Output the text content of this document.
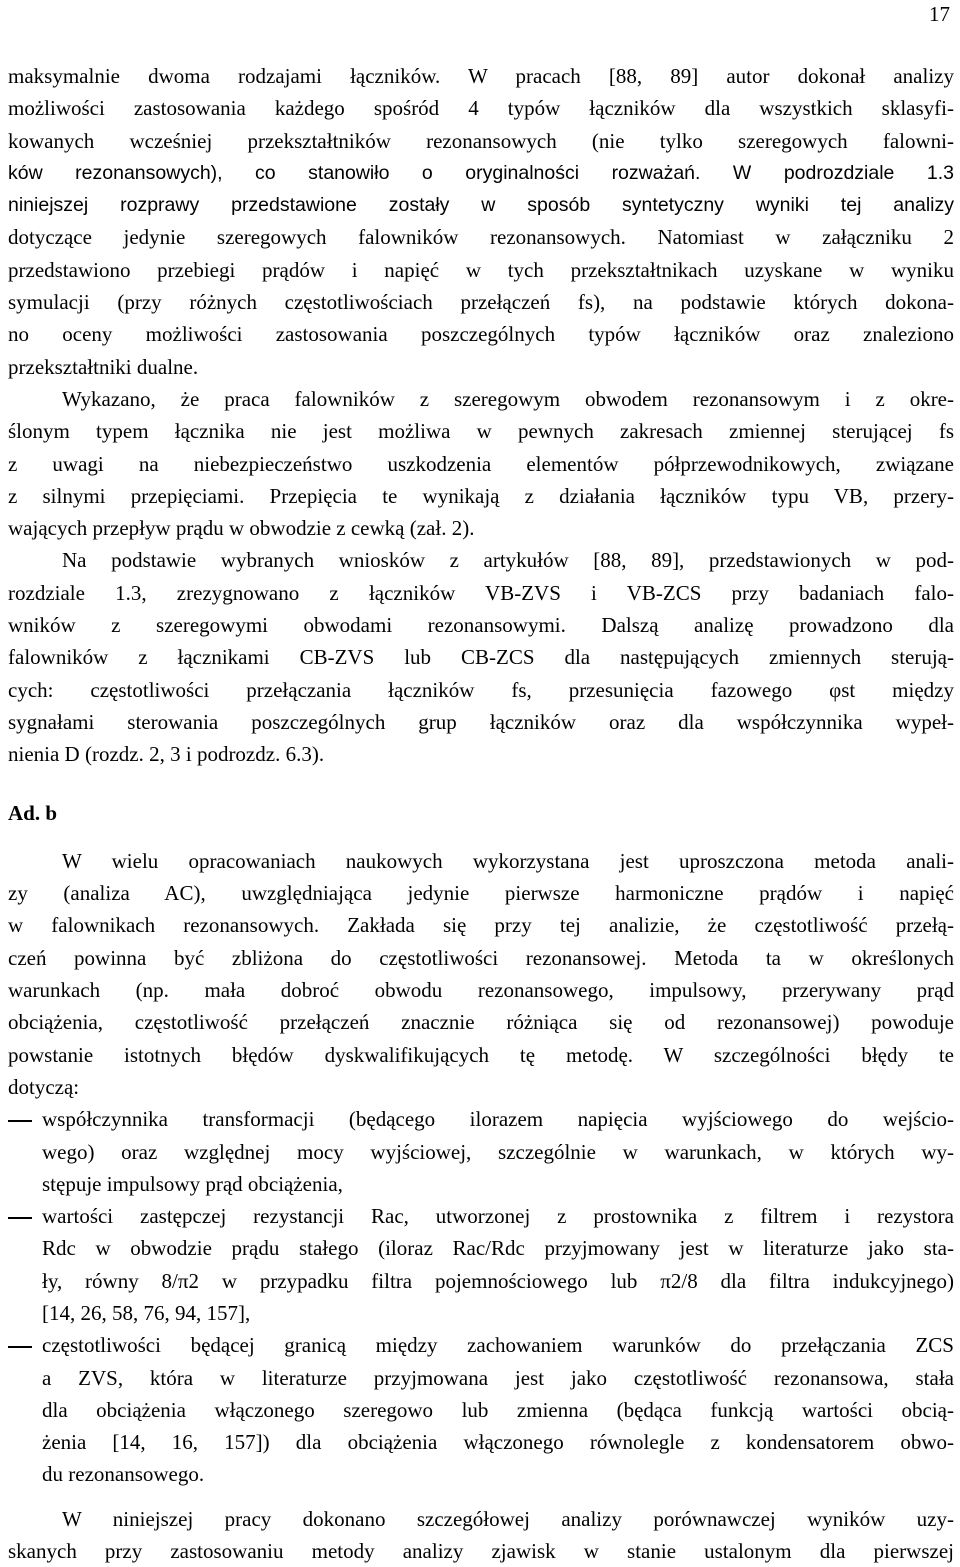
17
maksymalnie dwoma rodzajami łączników. W pracach [88, 89] autor dokonał analizy
możliwości zastosowania każdego spośród 4 typów łączników dla wszystkich sklasyfi-
kowanych wcześniej przekształtników rezonansowych (nie tylko szeregowych falowni-
ków rezonansowych), co stanowiło o oryginalności rozważań. W podrozdziale 1.3
niniejszej rozprawy przedstawione zostały w sposób syntetyczny wyniki tej analizy
dotyczące jedynie szeregowych falowników rezonansowych. Natomiast w załączniku 2
przedstawiono przebiegi prądów i napięć w tych przekształtnikach uzyskane w wyniku
symulacji (przy różnych częstotliwościach przełączeń fs), na podstawie których dokona-
no oceny możliwości zastosowania poszczególnych typów łączników oraz znaleziono
przekształtniki dualne.
Wykazano, że praca falowników z szeregowym obwodem rezonansowym i z okre-
ślonym typem łącznika nie jest możliwa w pewnych zakresach zmiennej sterującej fs
z uwagi na niebezpieczeństwo uszkodzenia elementów półprzewodnikowych, związane
z silnymi przepięciami. Przepięcia te wynikają z działania łączników typu VB, przery-
wających przepływ prądu w obwodzie z cewką (zał. 2).
Na podstawie wybranych wniosków z artykułów [88, 89], przedstawionych w pod-
rozdziale 1.3, zrezygnowano z łączników VB-ZVS i VB-ZCS przy badaniach falo-
wników z szeregowymi obwodami rezonansowymi. Dalszą analizę prowadzono dla
falowników z łącznikami CB-ZVS lub CB-ZCS dla następujących zmiennych sterują-
cych: częstotliwości przełączania łączników fs, przesunięcia fazowego φst między
sygnałami sterowania poszczególnych grup łączników oraz dla współczynnika wypeł-
nienia D (rozdz. 2, 3 i podrozdz. 6.3).
Ad. b
W wielu opracowaniach naukowych wykorzystana jest uproszczona metoda anali-
zy (analiza AC), uwzględniająca jedynie pierwsze harmoniczne prądów i napięć
w falownikach rezonansowych. Zakłada się przy tej analizie, że częstotliwość przełą-
czeń powinna być zbliżona do częstotliwości rezonansowej. Metoda ta w określonych
warunkach (np. mała dobroć obwodu rezonansowego, impulsowy, przerywany prąd
obciążenia, częstotliwość przełączeń znacznie różniąca się od rezonansowej) powoduje
powstanie istotnych błędów dyskwalifikujących tę metodę. W szczególności błędy te
dotyczą:
współczynnika transformacji (będącego ilorazem napięcia wyjściowego do wejścio-
wego) oraz względnej mocy wyjściowej, szczególnie w warunkach, w których wy-
stępuje impulsowy prąd obciążenia,
wartości zastępczej rezystancji Rac, utworzonej z prostownika z filtrem i rezystora
Rdc w obwodzie prądu stałego (iloraz Rac/Rdc przyjmowany jest w literaturze jako sta-
ły, równy 8/π2 w przypadku filtra pojemnościowego lub π2/8 dla filtra indukcyjnego)
[14, 26, 58, 76, 94, 157],
częstotliwości będącej granicą między zachowaniem warunków do przełączania ZCS
a ZVS, która w literaturze przyjmowana jest jako częstotliwość rezonansowa, stała
dla obciążenia włączonego szeregowo lub zmienna (będąca funkcją wartości obcią-
żenia [14, 16, 157]) dla obciążenia włączonego równolegle z kondensatorem obwo-
du rezonansowego.
W niniejszej pracy dokonano szczegółowej analizy porównawczej wyników uzy-
skanych przy zastosowaniu metody analizy zjawisk w stanie ustalonym dla pierwszej
